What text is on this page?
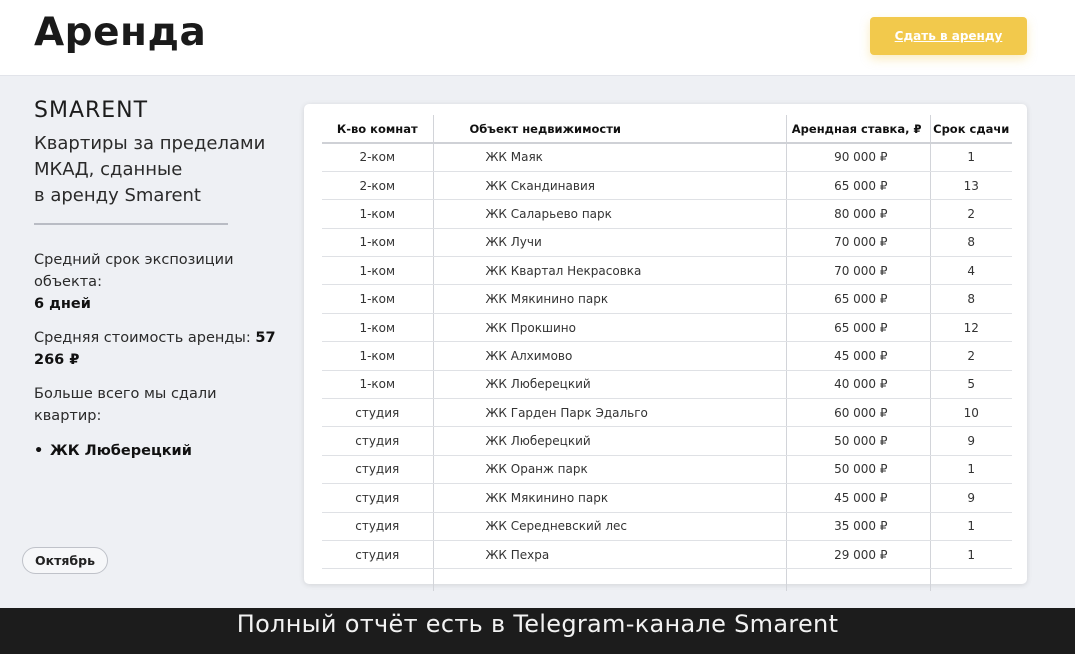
Аренда	Сдать в аренду
SMARENT
Квартиры за пределами
МКАД, сданные
в аренду Smarent
Средний срок экспозиции объекта:
6 дней
Средняя стоимость аренды: 57 266 ₽
Больше всего мы сдали квартир:
• ЖК Люберецкий
Октябрь
К-во комнат	Объект недвижимости	Арендная ставка, ₽	Срок сдачи
2-ком	ЖК Маяк	90 000 ₽	1
2-ком	ЖК Скандинавия	65 000 ₽	13
1-ком	ЖК Саларьево парк	80 000 ₽	2
1-ком	ЖК Лучи	70 000 ₽	8
1-ком	ЖК Квартал Некрасовка	70 000 ₽	4
1-ком	ЖК Мякинино парк	65 000 ₽	8
1-ком	ЖК Прокшино	65 000 ₽	12
1-ком	ЖК Алхимово	45 000 ₽	2
1-ком	ЖК Люберецкий	40 000 ₽	5
студия	ЖК Гарден Парк Эдальго	60 000 ₽	10
студия	ЖК Люберецкий	50 000 ₽	9
студия	ЖК Оранж парк	50 000 ₽	1
студия	ЖК Мякинино парк	45 000 ₽	9
студия	ЖК Середневский лес	35 000 ₽	1
студия	ЖК Пехра	29 000 ₽	1

Полный отчёт есть в Telegram-канале Smarent
